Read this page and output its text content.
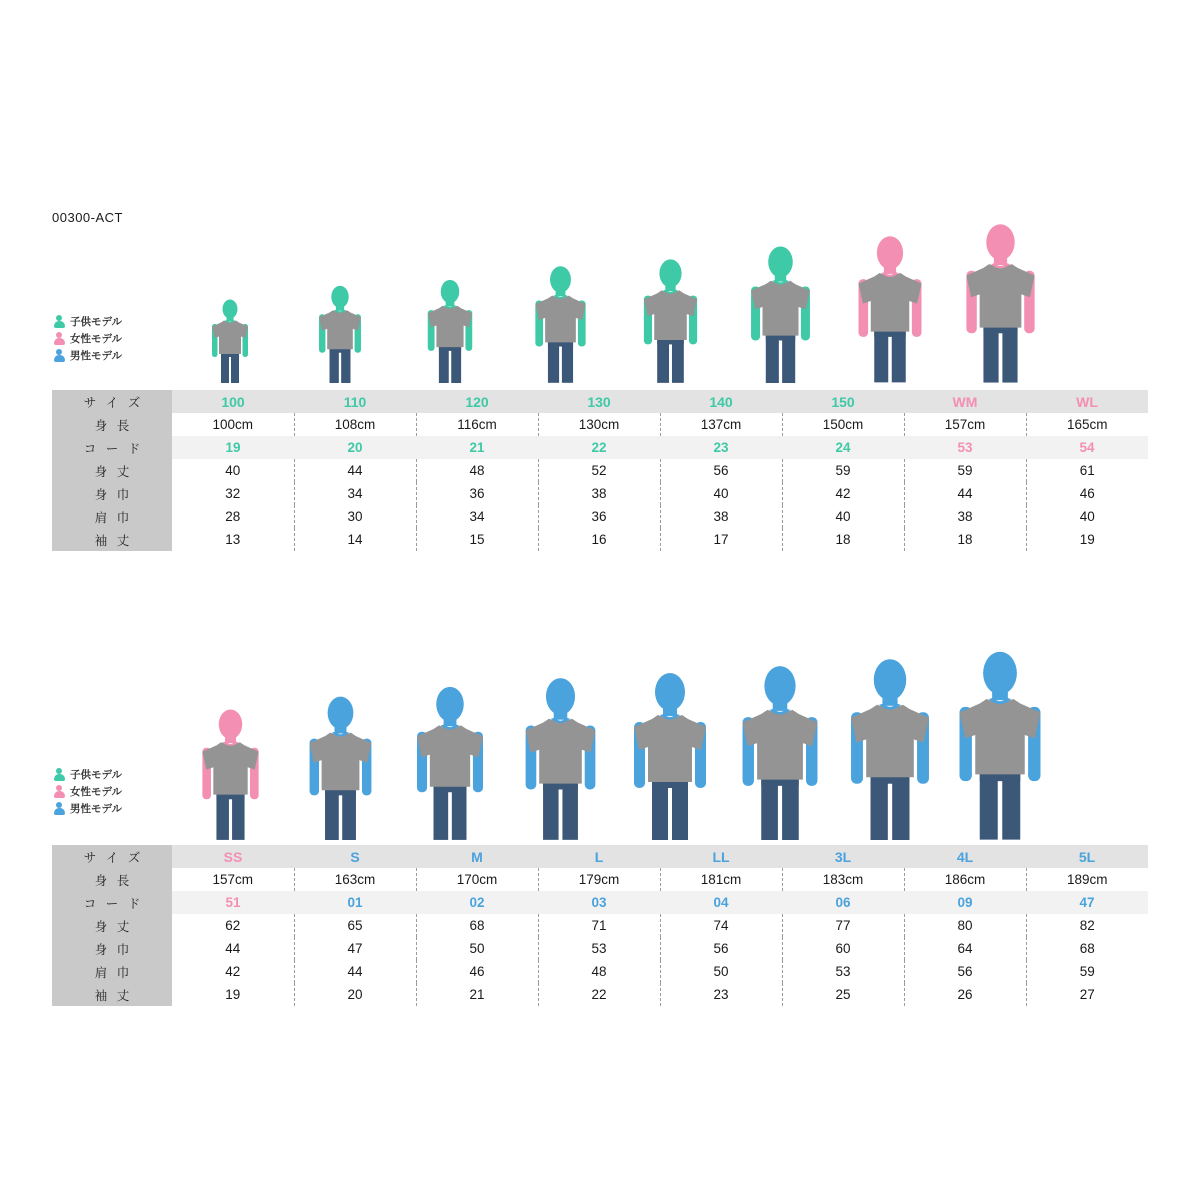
00300-ACT
子供モデル
女性モデル
男性モデル
サ イ ズ	100	110	120	130	140	150	WM	WL
身 長	100cm	108cm	116cm	130cm	137cm	150cm	157cm	165cm
コ ー ド	19	20	21	22	23	24	53	54
身 丈	40	44	48	52	56	59	59	61
身 巾	32	34	36	38	40	42	44	46
肩 巾	28	30	34	36	38	40	38	40
袖 丈	13	14	15	16	17	18	18	19
子供モデル
女性モデル
男性モデル
サ イ ズ	SS	S	M	L	LL	3L	4L	5L
身 長	157cm	163cm	170cm	179cm	181cm	183cm	186cm	189cm
コ ー ド	51	01	02	03	04	06	09	47
身 丈	62	65	68	71	74	77	80	82
身 巾	44	47	50	53	56	60	64	68
肩 巾	42	44	46	48	50	53	56	59
袖 丈	19	20	21	22	23	25	26	27
